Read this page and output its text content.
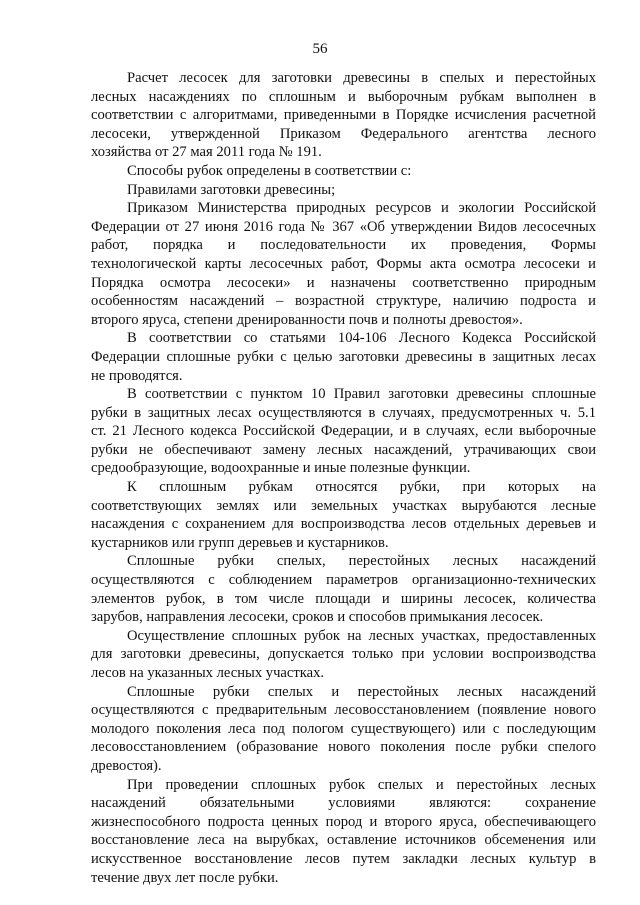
56
Расчет лесосек для заготовки древесины в спелых и перестойных
лесных насаждениях по сплошным и выборочным рубкам выполнен в
соответствии с алгоритмами, приведенными в Порядке исчисления расчетной
лесосеки, утвержденной Приказом Федерального агентства лесного
хозяйства от 27 мая 2011 года № 191.
Способы рубок определены в соответствии с:
Правилами заготовки древесины;
Приказом Министерства природных ресурсов и экологии Российской
Федерации от 27 июня 2016 года № 367 «Об утверждении Видов лесосечных
работ, порядка и последовательности их проведения, Формы
технологической карты лесосечных работ, Формы акта осмотра лесосеки и
Порядка осмотра лесосеки» и назначены соответственно природным
особенностям насаждений – возрастной структуре, наличию подроста и
второго яруса, степени дренированности почв и полноты древостоя».
В соответствии со статьями 104-106 Лесного Кодекса Российской
Федерации сплошные рубки с целью заготовки древесины в защитных лесах
не проводятся.
В соответствии с пунктом 10 Правил заготовки древесины сплошные
рубки в защитных лесах осуществляются в случаях, предусмотренных ч. 5.1
ст. 21 Лесного кодекса Российской Федерации, и в случаях, если выборочные
рубки не обеспечивают замену лесных насаждений, утрачивающих свои
средообразующие, водоохранные и иные полезные функции.
К сплошным рубкам относятся рубки, при которых на
соответствующих землях или земельных участках вырубаются лесные
насаждения с сохранением для воспроизводства лесов отдельных деревьев и
кустарников или групп деревьев и кустарников.
Сплошные рубки спелых, перестойных лесных насаждений
осуществляются с соблюдением параметров организационно-технических
элементов рубок, в том числе площади и ширины лесосек, количества
зарубов, направления лесосеки, сроков и способов примыкания лесосек.
Осуществление сплошных рубок на лесных участках, предоставленных
для заготовки древесины, допускается только при условии воспроизводства
лесов на указанных лесных участках.
Сплошные рубки спелых и перестойных лесных насаждений
осуществляются с предварительным лесовосстановлением (появление нового
молодого поколения леса под пологом существующего) или с последующим
лесовосстановлением (образование нового поколения после рубки спелого
древостоя).
При проведении сплошных рубок спелых и перестойных лесных
насаждений обязательными условиями являются: сохранение
жизнеспособного подроста ценных пород и второго яруса, обеспечивающего
восстановление леса на вырубках, оставление источников обсеменения или
искусственное восстановление лесов путем закладки лесных культур в
течение двух лет после рубки.
